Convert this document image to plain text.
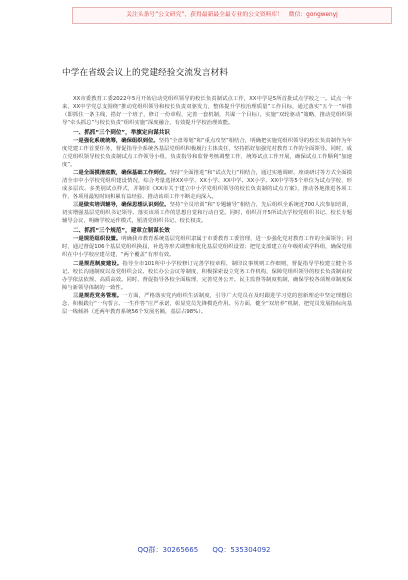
关注头条号“公文研究”，获得最新最全最专业的公文资料库！ 微信：gongwenyj
中学在省级会议上的党建经验交流发言材料

XX市委教育工委2022年5月开始启动党组织领导的校长负责制试点工作，XX中学是5所首批试点学校之一。试点一年来，XX中学党总支围绕“推动党组织领导和校长负责双驱发力，整体提升学校治理质量”工作目标，通过落实“五个一”举措（即抓住一条主线，搭好一个班子，修订一份章程，完善一套机制，共谋一个目标），实施“双轮驱动”策略，推动党组织领导“牵头抓总”与校长负责“组织实施”深度融合，有效提升学校治理效能。

一、抓抓“三个到位”，举旗定向谋共识

一是强化系统统筹，确保组织到位。坚持“全盘筹划”和“重点攻坚”相结合，明确把实施党组织领导的校长负责制作为年度党建工作首要任务，督促指导全系统各基层党组织积极履行主体责任，坚持抓好加强党对教育工作的全面领导。同时，成立党组织领导校长负责制试点工作领导小组，负责指导和监督考核调整工作，统筹试点工作开展，确保试点工作顺利“加速度”。

二是全面摸清底数，确保基础工作到位。坚持“全面推进”和“试点先行”相结合，通过实地调研、座谈研讨等方式全面摸清全市中小学校党组织建设情况，综合考量选择XX中学、XX小学、XX中学、XX小学、XX中学等5个单位为试点学校，形成多层次、多类别试点样式，并制印《XX市关于建立中小学党组织领导的校长负责制的试点方案》，推动各地推进各项工作，各项用最短时间积累有益经验、推动该项工作不断走向深入。

三是做实培训辅导，确保思想认识到位。坚持“全员培训”和“专题辅导”相结合，先后组织全系统近700人次参加培训，切实增强基层党组织书记领导、落实该项工作的思想自觉和行动自觉。同时，组织召开5所试点学校党组织书记、校长专题辅导会议，明确学校运作模式，厘清党组织书记、校长权责。

二、抓抓“三个规范”，建章立制谋长效

一是规范组织设置。明确我市教育系统基层党组织隶属于市委教育工委管理，进一步强化党对教育工作的全面领导；同时，通过督促106个基层党组织换届，补选等形式调整和优化基层党组织设置；把党支部建立在年级组或学科组，确保党组织在中小学校应建尽建，“两个覆盖”有形有效。

二是规范制度建设。指导全市101所中小学校修订完善学校章程，制印议事规则工作细则，督促指导学校建立健全书记、校长沟通制度以及党组织会议、校长办公会议等制度，积极探索设立党务工作机构，保障党组织领导的校长负责制由校办学依法依规、高质高效。同时，督促指导各校全面梳理，完善党务公开、民主监督等制度机制，确保学校各项规章制度保障与新领导体制的一致性。

三是规范党务管理。一方面，严格落实党内组织生活制度，引导广大党员在及时跟进学习党的创新理论中坚定理想信念，积极践行“一句誓言、一生作答”庄严承诺，彰显党员先锋模范作用。另方面，健全“双培养”机制，把党员发展指标向基层一线倾斜（近两年教育系统56个发展名额，基层占98%）。

QQ群：30265665 QQ：535304092
